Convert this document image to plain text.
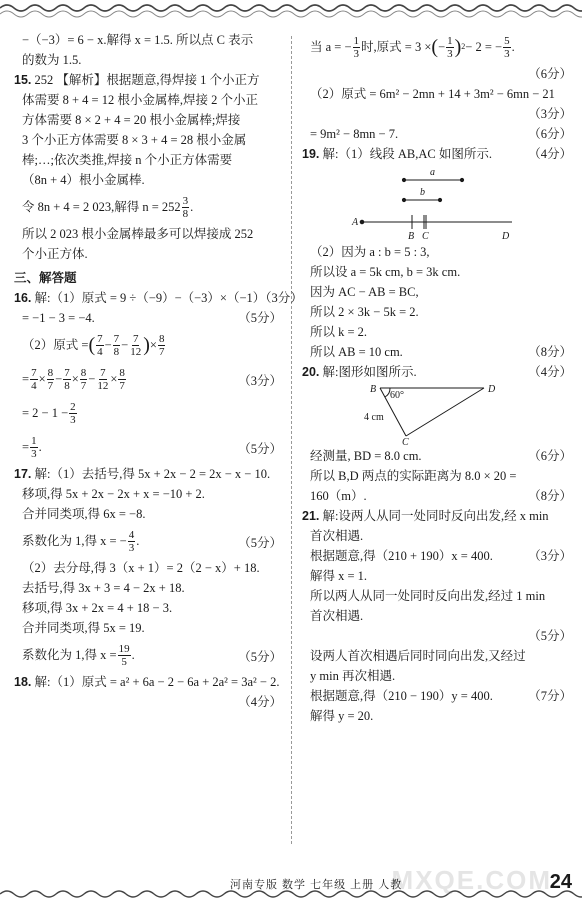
−（−3）= 6 − x.解得 x = 1.5. 所以点 C 表示
的数为 1.5.
15. 252 【解析】根据题意,得焊接 1 个小正方
体需要 8 + 4 = 12 根小金属棒,焊接 2 个小正
方体需要 8 × 2 + 4 = 20 根小金属棒;焊接
3 个小正方体需要 8 × 3 + 4 = 28 根小金属
棒;…;依次类推,焊接 n 个小正方体需要
（8n + 4）根小金属棒.
令 8n + 4 = 2 023,解得 $n = 252 \frac{3}{8}$ .
所以 2 023 根小金属棒最多可以焊接成 252
个小正方体.
三、解答题
16. 解:（1）原式 = 9 ÷（−9）−（−3）×（−1）（3分）
= −1 − 3 = −4.	（5分）
（2）原式 = ( $\frac{7}{4} - \frac{7}{8} - \frac{7}{12}$ ) × $\frac{8}{7}$
= $\frac{7}{4} \times \frac{8}{7} - \frac{7}{8} \times \frac{8}{7} - \frac{7}{12} \times \frac{8}{7}$	（3分）
= $2 - 1 - \frac{2}{3}$
= $\frac{1}{3}$ .	（5分）
17. 解:（1）去括号,得 5x + 2x − 2 = 2x − x − 10.
移项,得 5x + 2x − 2x + x = −10 + 2.
合并同类项,得 6x = −8.
系数化为 1,得 x = − $\frac{4}{3}$ .	（5分）
（2）去分母,得 3（x + 1）= 2（2 − x）+ 18.
去括号,得 3x + 3 = 4 − 2x + 18.
移项,得 3x + 2x = 4 + 18 − 3.
合并同类项,得 5x = 19.
系数化为 1,得 $x = \frac{19}{5}$ .	（5分）
18. 解:（1）原式 = a² + 6a − 2 − 6a + 2a² = 3a² − 2.
（4分）
当 a = − $\frac{1}{3}$ 时,原式 = 3 × ( − $\frac{1}{3}$ ) 2 − 2 = − $\frac{5}{3}$ .
（6分）
（2）原式 = 6m² − 2mn + 14 + 3m² − 6mn − 21
（3分）
= 9m² − 8mn − 7.	（6分）
19. 解:（1）线段 AB,AC 如图所示.	（4分）
a
b
A
B C	D
（2）因为 a : b = 5 : 3,
所以设 a = 5k cm, b = 3k cm.
因为 AC − AB = BC,
所以 2 × 3k − 5k = 2.
所以 k = 2.
所以 AB = 10 cm.	（8分）
20. 解:图形如图所示.	（4分）
B	D
C
60°
4 cm
经测量, BD = 8.0 cm.	（6分）
所以 B,D 两点的实际距离为 8.0 × 20 =
160（m）.	（8分）
21. 解:设两人从同一处同时反向出发,经 x min
首次相遇.
根据题意,得（210 + 190）x = 400.	（3分）
解得 x = 1.
所以两人从同一处同时反向出发,经过 1 min
首次相遇.
（5分）
设两人首次相遇后同时同向出发,又经过
y min 再次相遇.
根据题意,得（210 − 190）y = 400.	（7分）
解得 y = 20.
MXQE.COM
河南专版 数学 七年级 上册 人教	24
